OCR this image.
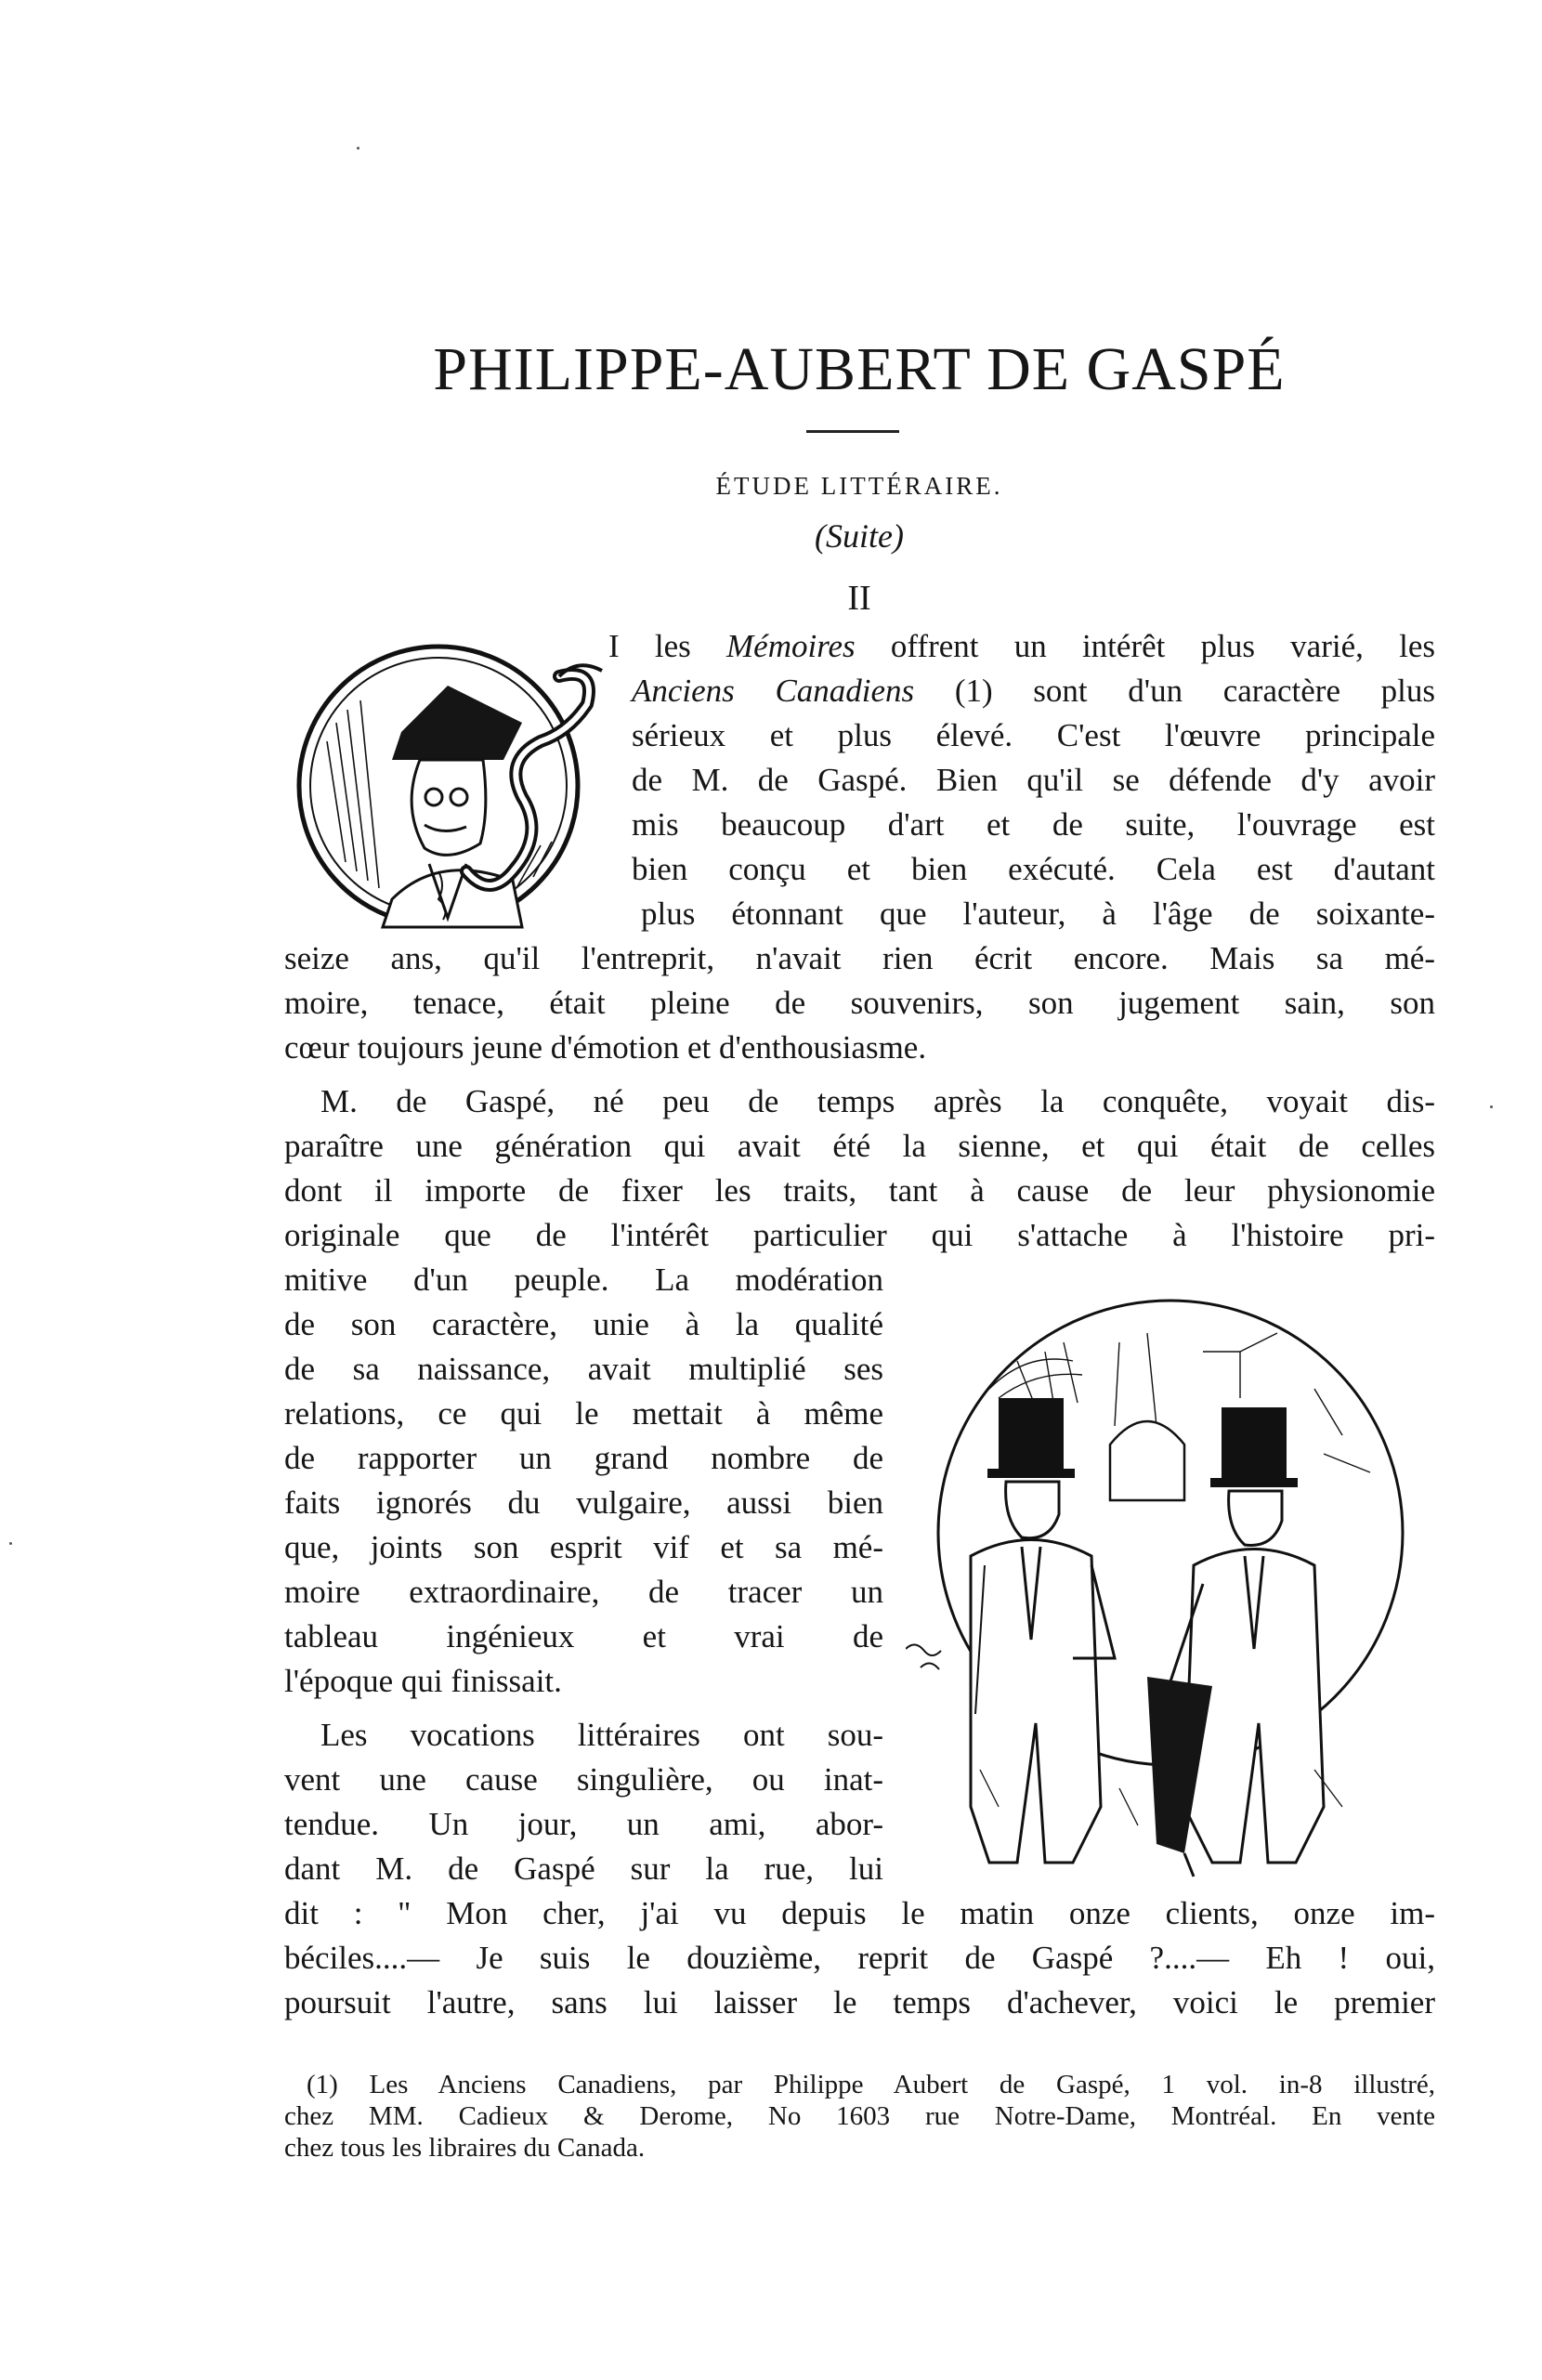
PHILIPPE-AUBERT DE GASPÉ
ÉTUDE LITTÉRAIRE.
(Suite)
II

I les Mémoires offrent un intérêt plus varié, les

Anciens Canadiens (1) sont d'un caractère plus

sérieux et plus élevé. C'est l'œuvre principale

de M. de Gaspé. Bien qu'il se défende d'y avoir

mis beaucoup d'art et de suite, l'ouvrage est

bien conçu et bien exécuté. Cela est d'autant

plus étonnant que l'auteur, à l'âge de soixante-

seize ans, qu'il l'entreprit, n'avait rien écrit encore. Mais sa mé-

moire, tenace, était pleine de souvenirs, son jugement sain, son

cœur toujours jeune d'émotion et d'enthousiasme.

M. de Gaspé, né peu de temps après la conquête, voyait dis-

paraître une génération qui avait été la sienne, et qui était de celles

dont il importe de fixer les traits, tant à cause de leur physionomie

originale que de l'intérêt particulier qui s'attache à l'histoire pri-

mitive d'un peuple. La modération

de son caractère, unie à la qualité

de sa naissance, avait multiplié ses

relations, ce qui le mettait à même

de rapporter un grand nombre de

faits ignorés du vulgaire, aussi bien

que, joints son esprit vif et sa mé-

moire extraordinaire, de tracer un

tableau ingénieux et vrai de

l'époque qui finissait.

Les vocations littéraires ont sou-

vent une cause singulière, ou inat-

tendue. Un jour, un ami, abor-

dant M. de Gaspé sur la rue, lui

dit : " Mon cher, j'ai vu depuis le matin onze clients, onze im-

béciles....— Je suis le douzième, reprit de Gaspé ?....— Eh ! oui,

poursuit l'autre, sans lui laisser le temps d'achever, voici le premier

(1) Les Anciens Canadiens, par Philippe Aubert de Gaspé, 1 vol. in-8 illustré,

chez MM. Cadieux & Derome, No 1603 rue Notre-Dame, Montréal. En vente

chez tous les libraires du Canada.
